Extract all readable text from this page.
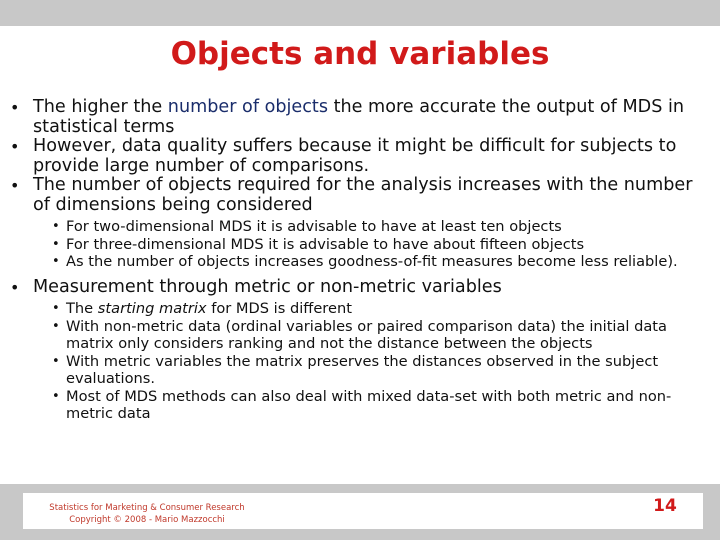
Objects and variables
• The higher the number of objects the more accurate the output of MDS in statistical terms
• However, data quality suffers because it might be difficult for subjects to provide large number of comparisons.
• The number of objects required for the analysis increases with the number of dimensions being considered
• For two-dimensional MDS it is advisable to have at least ten objects
• For three-dimensional MDS it is advisable to have about fifteen objects
• As the number of objects increases goodness-of-fit measures become less reliable).
• Measurement through metric or non-metric variables
• The starting matrix for MDS is different
• With non-metric data (ordinal variables or paired comparison data) the initial data matrix only considers ranking and not the distance between the objects
• With metric variables the matrix preserves the distances observed in the subject evaluations.
• Most of MDS methods can also deal with mixed data-set with both metric and non-metric data
Statistics for Marketing & Consumer Research
Copyright © 2008 - Mario Mazzocchi
14
